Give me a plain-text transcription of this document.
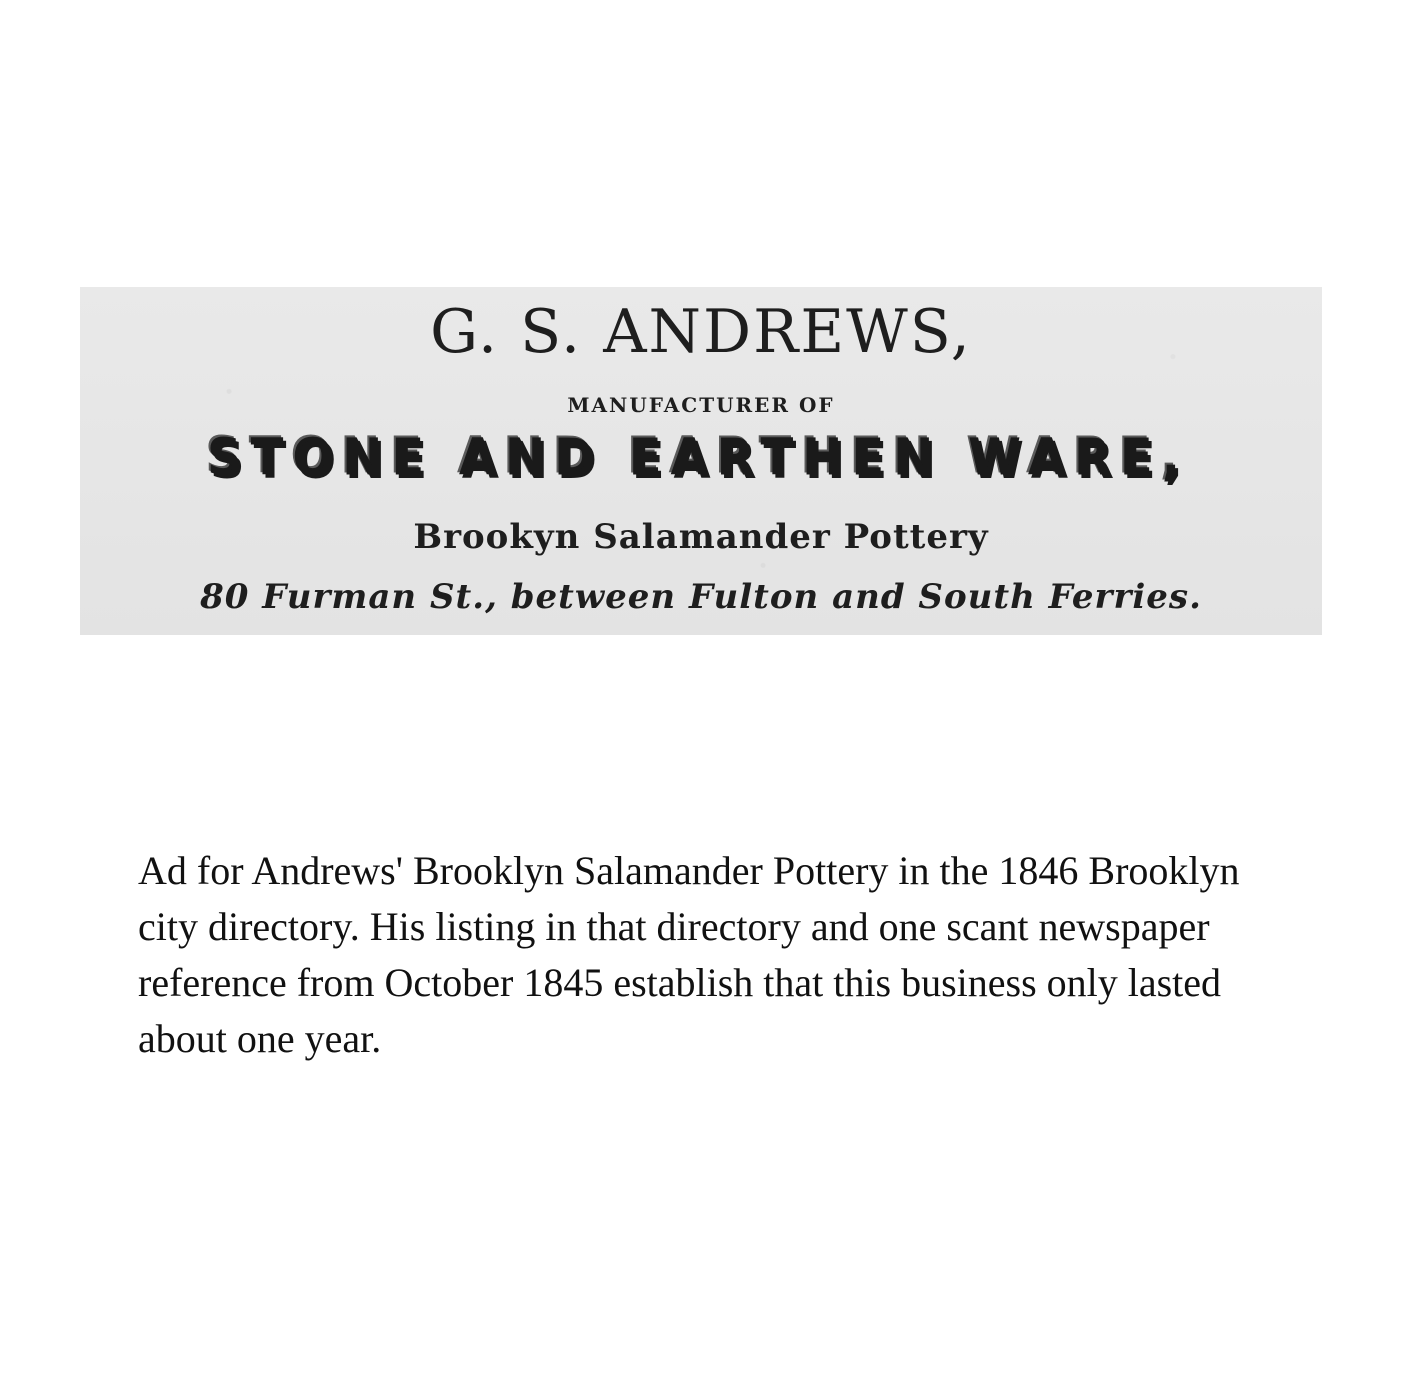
G. S. ANDREWS,
MANUFACTURER OF
STONE AND EARTHEN WARE,
Brookyn Salamander Pottery
80 Furman St., between Fulton and South Ferries.

Ad for Andrews' Brooklyn Salamander Pottery in the 1846 Brooklyn city directory. His listing in that directory and one scant newspaper reference from October 1845 establish that this business only lasted about one year.
